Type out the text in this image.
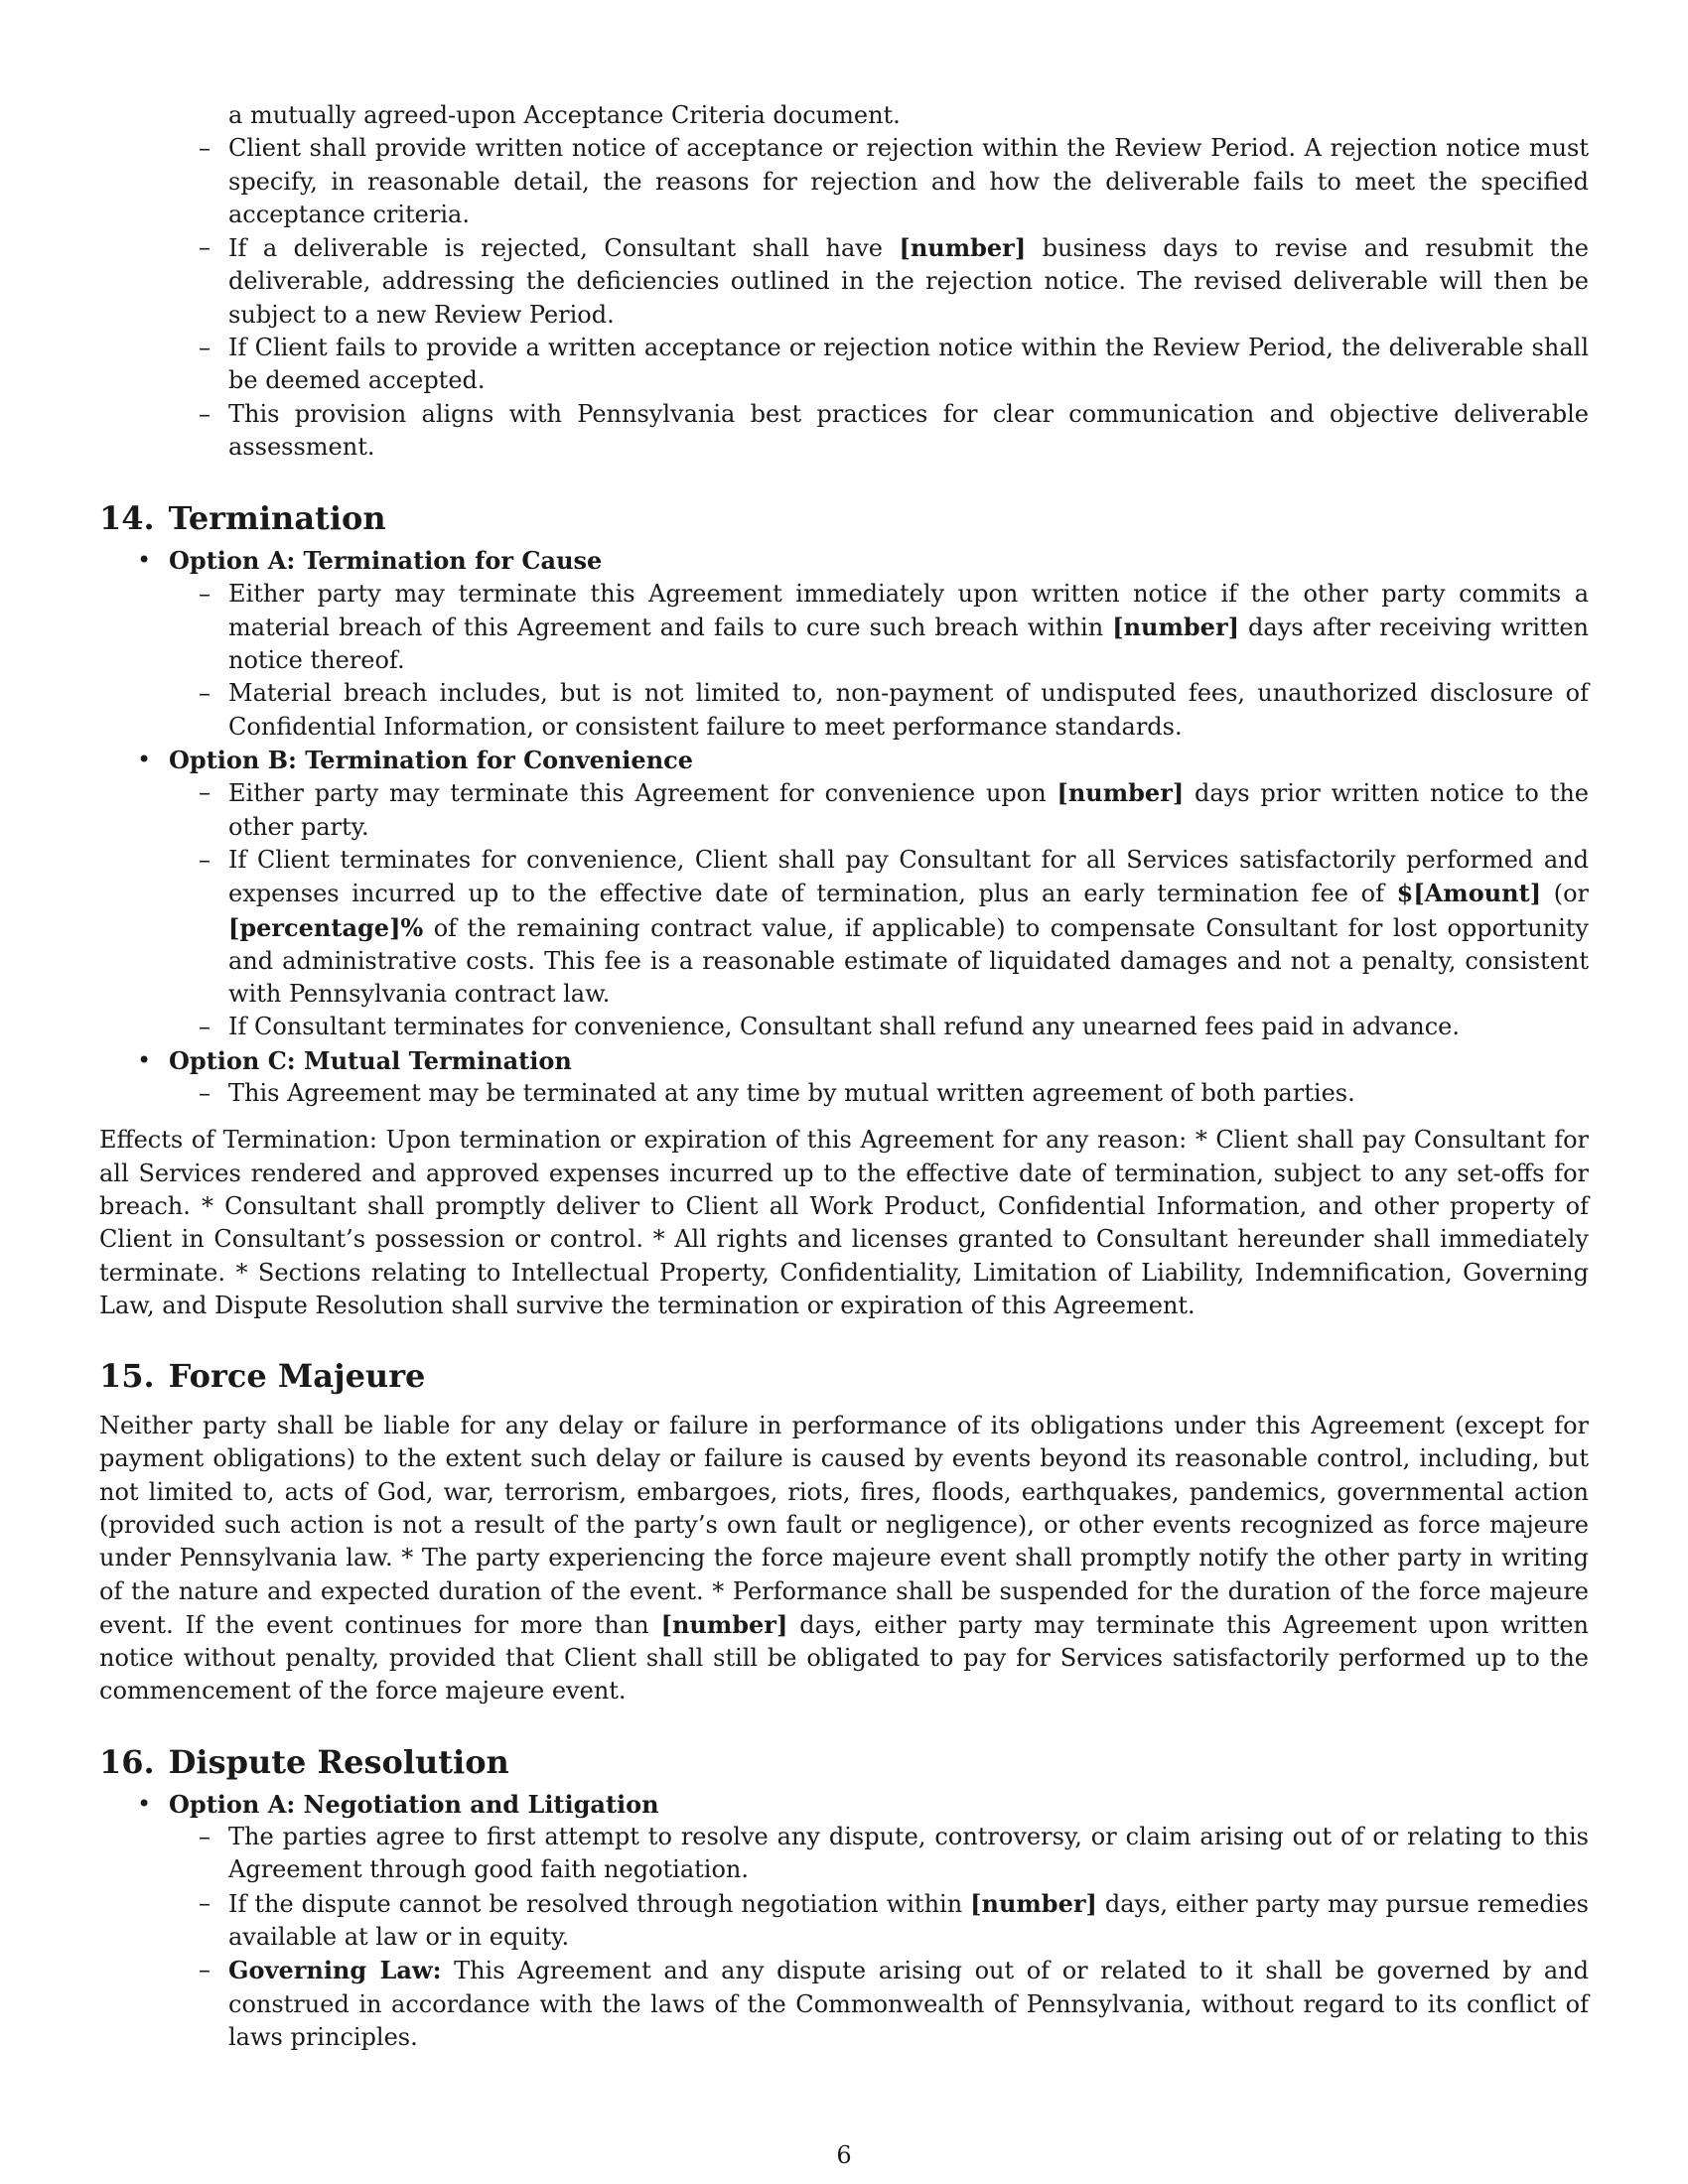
a mutually agreed-upon Acceptance Criteria document.

– Client shall provide written notice of acceptance or rejection within the Review Period. A rejection notice must specify, in reasonable detail, the reasons for rejection and how the deliverable fails to meet the specified acceptance criteria.

– If a deliverable is rejected, Consultant shall have [number] business days to revise and resubmit the deliverable, addressing the deficiencies outlined in the rejection notice. The revised deliverable will then be subject to a new Review Period.

– If Client fails to provide a written acceptance or rejection notice within the Review Period, the deliverable shall be deemed accepted.

– This provision aligns with Pennsylvania best practices for clear communication and objective deliverable assessment.

14. Termination

• Option A: Termination for Cause

– Either party may terminate this Agreement immediately upon written notice if the other party commits a material breach of this Agreement and fails to cure such breach within [number] days after receiving written notice thereof.

– Material breach includes, but is not limited to, non-payment of undisputed fees, unauthorized disclosure of Confidential Information, or consistent failure to meet performance standards.

• Option B: Termination for Convenience

– Either party may terminate this Agreement for convenience upon [number] days prior written notice to the other party.

– If Client terminates for convenience, Client shall pay Consultant for all Services satisfactorily performed and expenses incurred up to the effective date of termination, plus an early termination fee of $[Amount] (or [percentage]% of the remaining contract value, if applicable) to compensate Consultant for lost opportunity and administrative costs. This fee is a reasonable estimate of liquidated damages and not a penalty, consistent with Pennsylvania contract law.

– If Consultant terminates for convenience, Consultant shall refund any unearned fees paid in advance.

• Option C: Mutual Termination

– This Agreement may be terminated at any time by mutual written agreement of both parties.

Effects of Termination: Upon termination or expiration of this Agreement for any reason: * Client shall pay Consultant for all Services rendered and approved expenses incurred up to the effective date of termination, subject to any set-offs for breach. * Consultant shall promptly deliver to Client all Work Product, Confidential Information, and other property of Client in Consultant’s possession or control. * All rights and licenses granted to Consultant hereunder shall immediately terminate. * Sections relating to Intellectual Property, Confidentiality, Limitation of Liability, Indemnification, Governing Law, and Dispute Resolution shall survive the termination or expiration of this Agreement.

15. Force Majeure

Neither party shall be liable for any delay or failure in performance of its obligations under this Agreement (except for payment obligations) to the extent such delay or failure is caused by events beyond its reasonable control, including, but not limited to, acts of God, war, terrorism, embargoes, riots, fires, floods, earthquakes, pandemics, governmental action (provided such action is not a result of the party’s own fault or negligence), or other events recognized as force majeure under Pennsylvania law. * The party experiencing the force majeure event shall promptly notify the other party in writing of the nature and expected duration of the event. * Performance shall be suspended for the duration of the force majeure event. If the event continues for more than [number] days, either party may terminate this Agreement upon written notice without penalty, provided that Client shall still be obligated to pay for Services satisfactorily performed up to the commencement of the force majeure event.

16. Dispute Resolution

• Option A: Negotiation and Litigation

– The parties agree to first attempt to resolve any dispute, controversy, or claim arising out of or relating to this Agreement through good faith negotiation.

– If the dispute cannot be resolved through negotiation within [number] days, either party may pursue remedies available at law or in equity.

– Governing Law: This Agreement and any dispute arising out of or related to it shall be governed by and construed in accordance with the laws of the Commonwealth of Pennsylvania, without regard to its conflict of laws principles.

6
